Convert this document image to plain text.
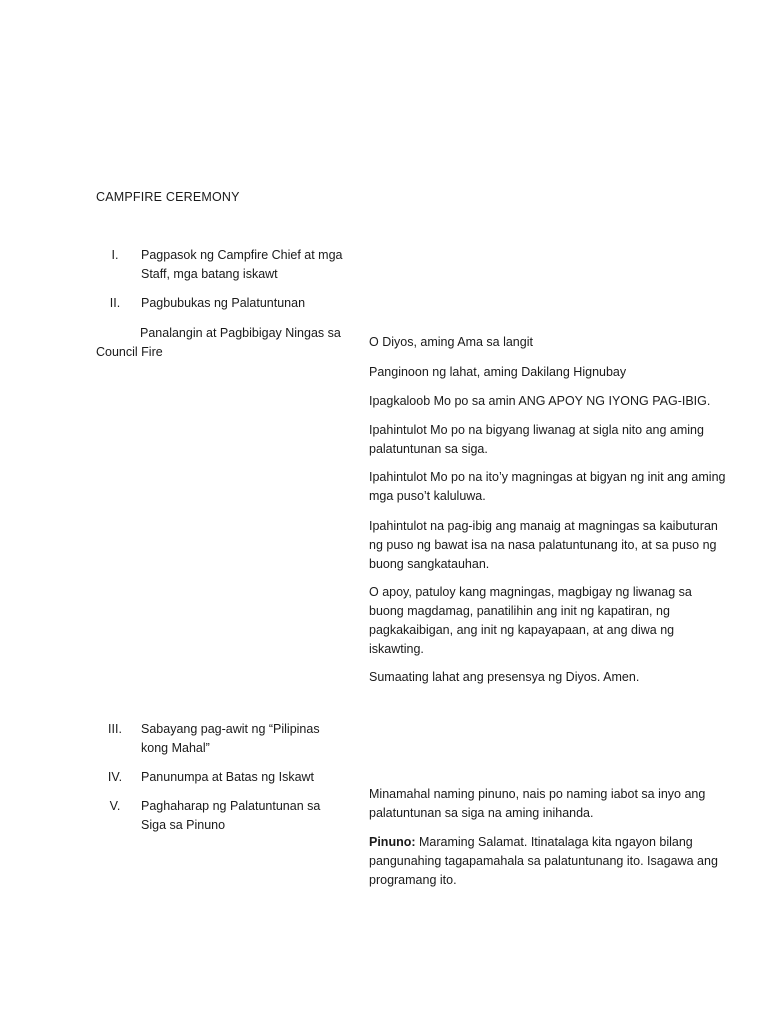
CAMPFIRE CEREMONY
I.	Pagpasok ng Campfire Chief at mga Staff, mga batang iskawt
II.	Pagbubukas ng Palatuntunan
Panalangin at Pagbibigay Ningas sa Council Fire
O Diyos, aming Ama sa langit
Panginoon ng lahat, aming Dakilang Hignubay
Ipagkaloob Mo po sa amin ANG APOY NG IYONG PAG-IBIG.
Ipahintulot Mo po na bigyang liwanag at sigla nito ang aming palatuntunan sa siga.
Ipahintulot Mo po na ito’y magningas at bigyan ng init ang aming mga puso’t kaluluwa.
Ipahintulot na pag-ibig ang manaig at magningas sa kaibuturan ng puso ng bawat isa na nasa palatuntunang ito, at sa puso ng buong sangkatauhan.
O apoy, patuloy kang magningas, magbigay ng liwanag sa buong magdamag, panatilihin ang init ng kapatiran, ng pagkakaibigan, ang init ng kapayapaan, at ang diwa ng iskawting.
Sumaating lahat ang presensya ng Diyos. Amen.
III.	Sabayang pag-awit ng “Pilipinas kong Mahal”
IV.	Panunumpa at Batas ng Iskawt
V.	Paghaharap ng Palatuntunan sa Siga sa Pinuno
Minamahal naming pinuno, nais po naming iabot sa inyo ang palatuntunan sa siga na aming inihanda.
Pinuno: Maraming Salamat. Itinatalaga kita ngayon bilang pangunahing tagapamahala sa palatuntunang ito. Isagawa ang programang ito.
